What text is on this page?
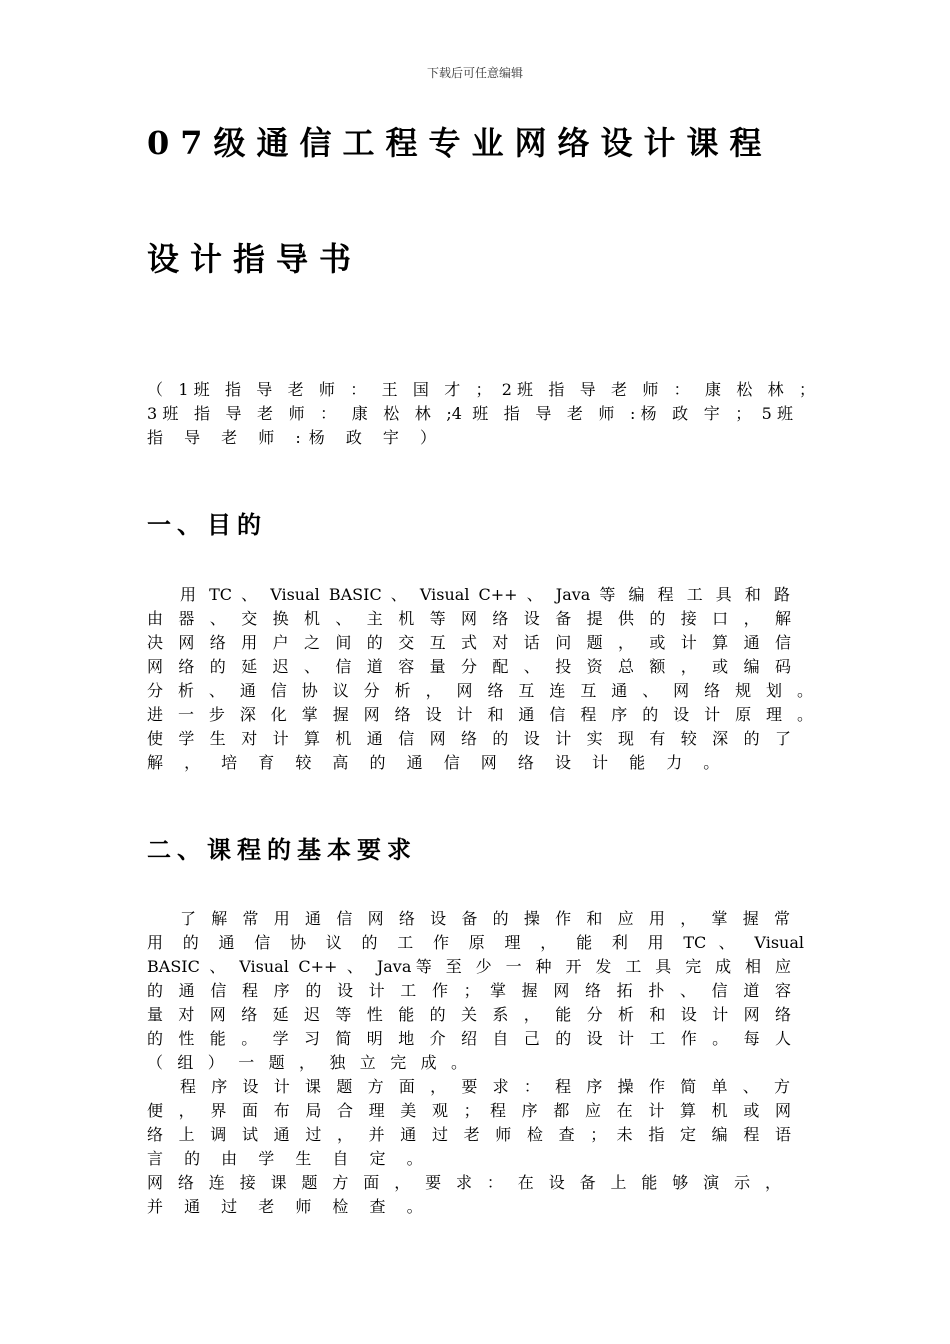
下载后可任意编辑
07级通信工程专业网络设计课程
设计指导书
（ 1班 指 导 老 师 ： 王 国 才 ； 2班 指 导 老 师 ： 康 松 林 ；
3班 指 导 老 师 ： 康 松 林 ;4 班 指 导 老 师 :杨 政 宇 ； 5班
指 导 老 师 :杨 政 宇 ）
一、目的
用 TC 、 Visual BASIC 、 Visual C++ 、 Java 等 编 程 工 具 和 路
由 器 、 交 换 机 、 主 机 等 网 络 设 备 提 供 的 接 口 ， 解
决 网 络 用 户 之 间 的 交 互 式 对 话 问 题 ， 或 计 算 通 信
网 络 的 延 迟 、 信 道 容 量 分 配 、 投 资 总 额 ， 或 编 码
分 析 、 通 信 协 议 分 析 ， 网 络 互 连 互 通 、 网 络 规 划 。
进 一 步 深 化 掌 握 网 络 设 计 和 通 信 程 序 的 设 计 原 理 。
使 学 生 对 计 算 机 通 信 网 络 的 设 计 实 现 有 较 深 的 了
解 ， 培 育 较 高 的 通 信 网 络 设 计 能 力 。
二、课程的基本要求
了 解 常 用 通 信 网 络 设 备 的 操 作 和 应 用 ， 掌 握 常
用 的 通 信 协 议 的 工 作 原 理 ， 能 利 用 TC 、 Visual
BASIC 、 Visual C++ 、 Java等 至 少 一 种 开 发 工 具 完 成 相 应
的 通 信 程 序 的 设 计 工 作 ； 掌 握 网 络 拓 扑 、 信 道 容
量 对 网 络 延 迟 等 性 能 的 关 系 ， 能 分 析 和 设 计 网 络
的 性 能 。 学 习 简 明 地 介 绍 自 己 的 设 计 工 作 。 每 人
（ 组 ） 一 题 ， 独 立 完 成 。
程 序 设 计 课 题 方 面 ， 要 求 ： 程 序 操 作 简 单 、 方
便 ， 界 面 布 局 合 理 美 观 ； 程 序 都 应 在 计 算 机 或 网
络 上 调 试 通 过 ， 并 通 过 老 师 检 查 ； 未 指 定 编 程 语
言 的 由 学 生 自 定 。
网 络 连 接 课 题 方 面 ， 要 求 ： 在 设 备 上 能 够 演 示 ，
并 通 过 老 师 检 查 。
